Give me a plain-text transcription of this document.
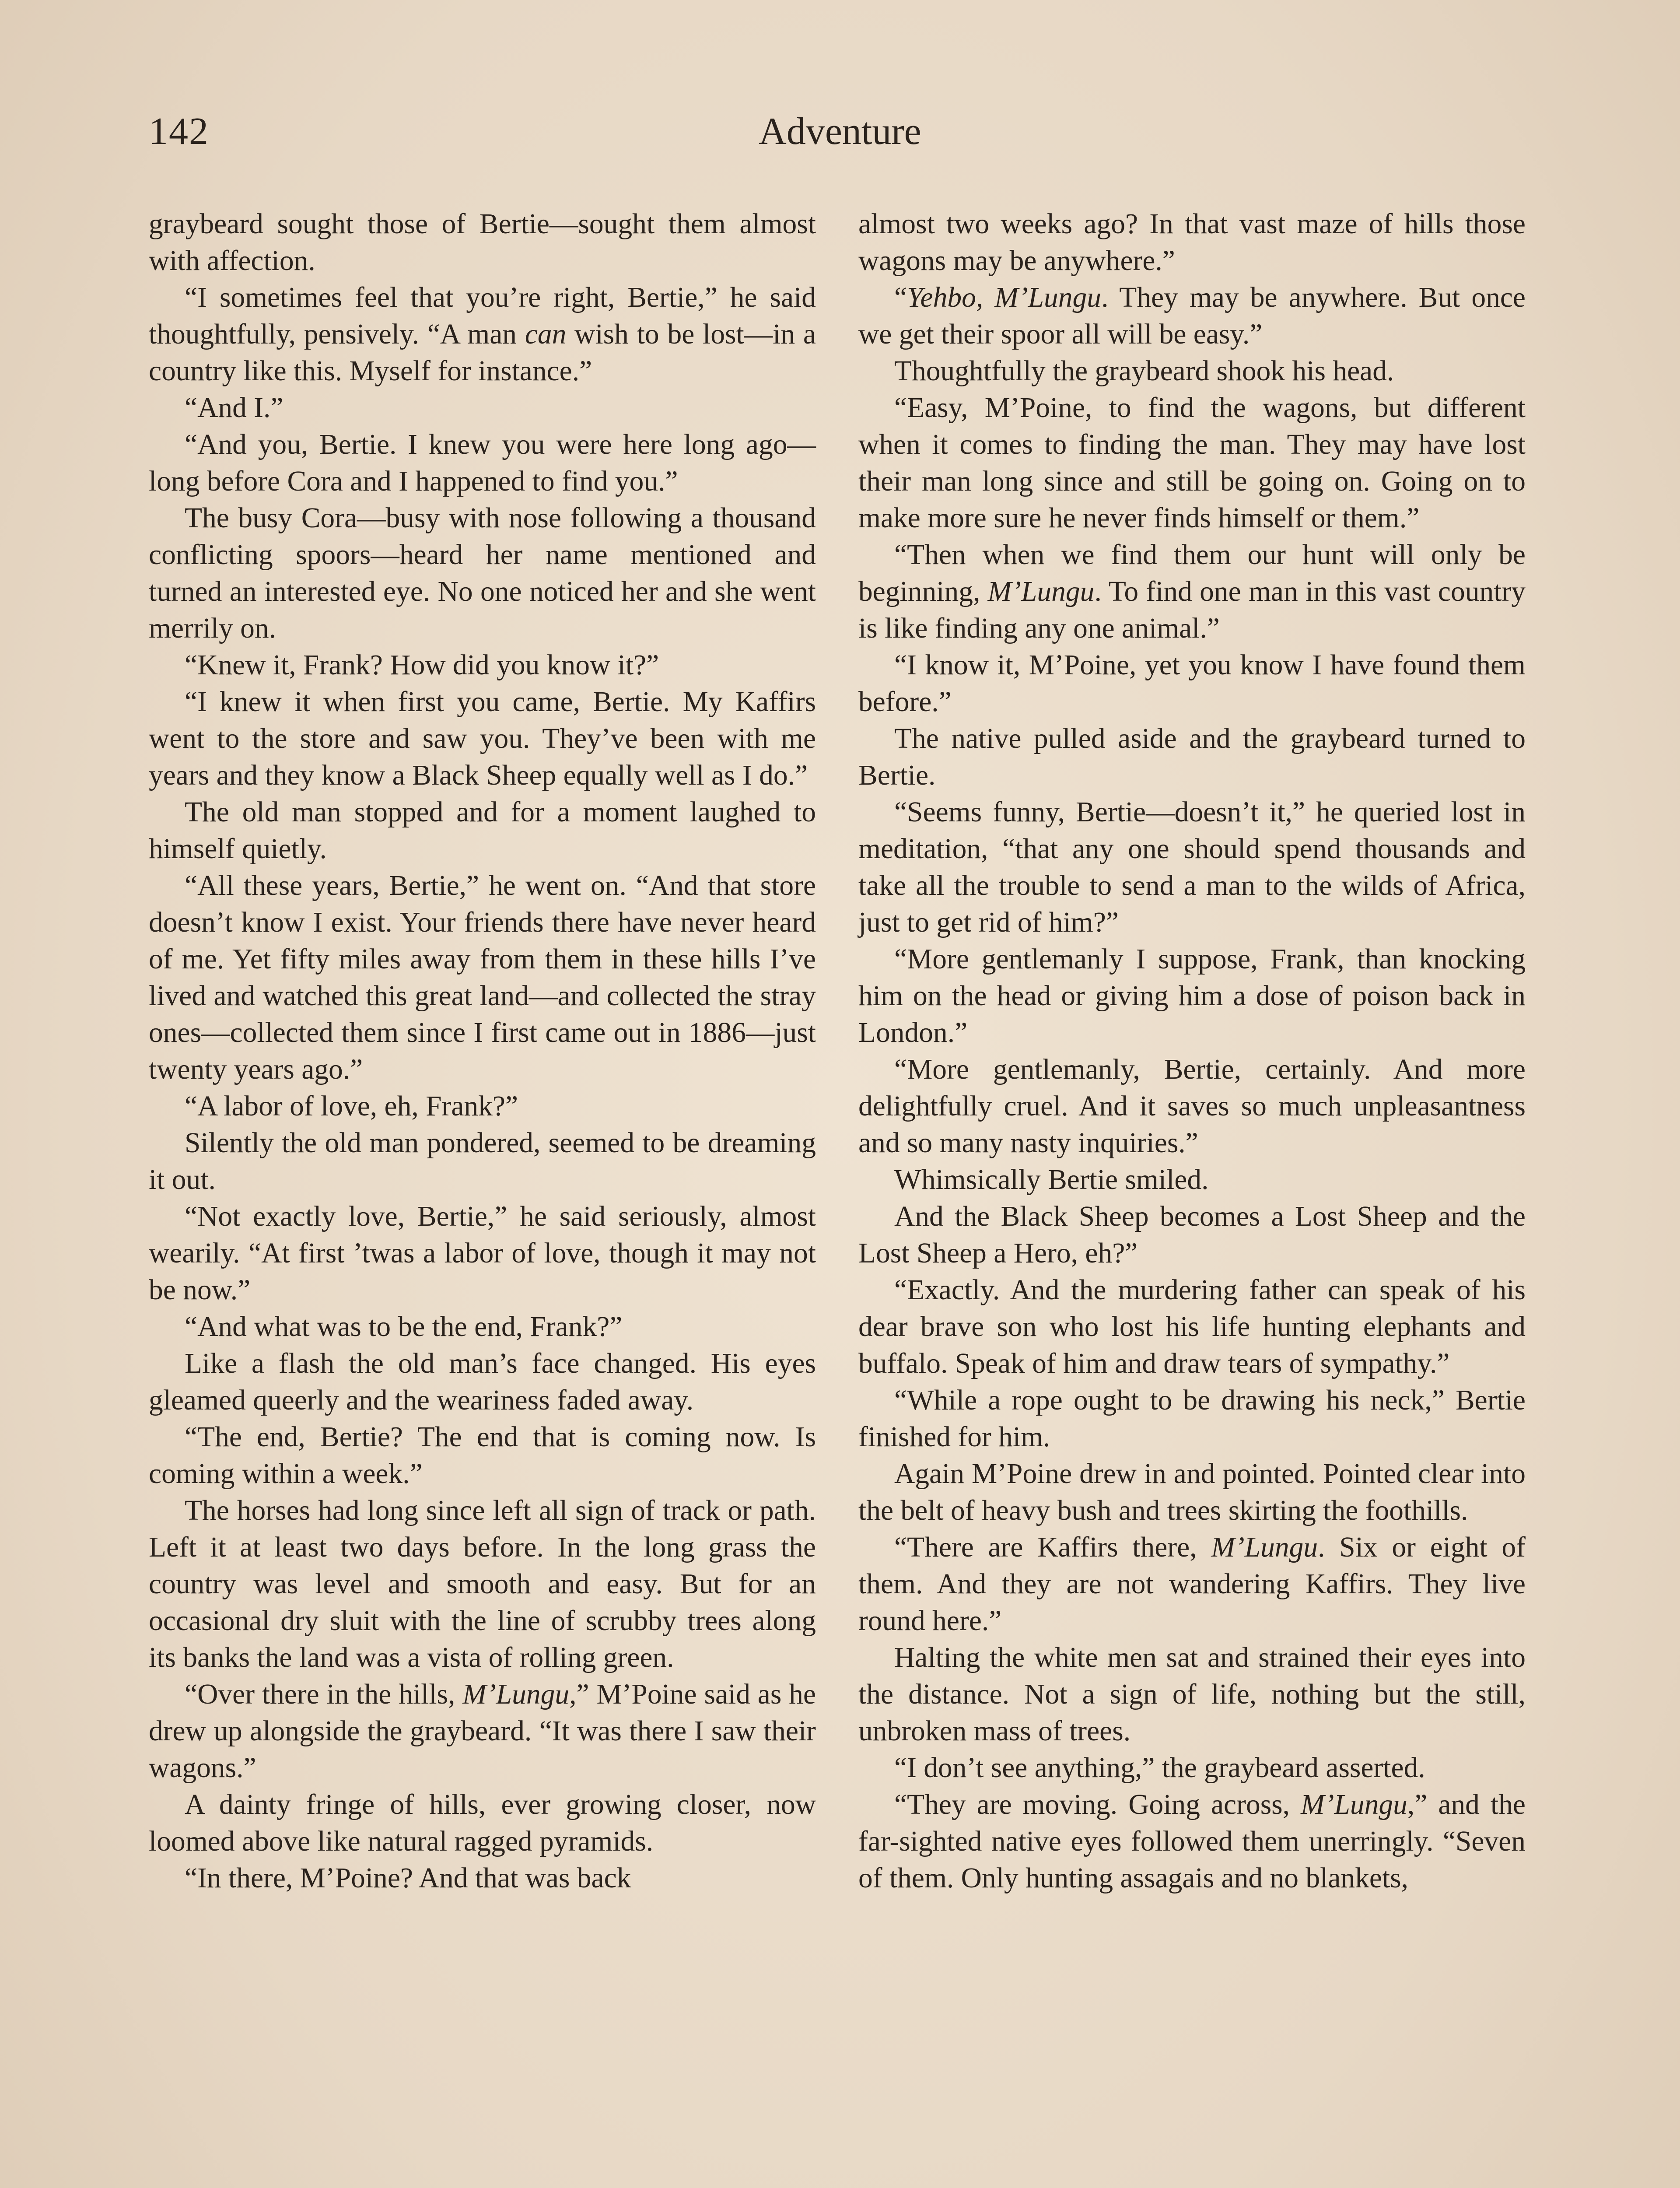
142	Adventure

graybeard sought those of Bertie—sought them almost with affection.

“I sometimes feel that you’re right, Bertie,” he said thoughtfully, pensively. “A man can wish to be lost—in a country like this. Myself for instance.”

“And I.”

“And you, Bertie. I knew you were here long ago—long before Cora and I happened to find you.”

The busy Cora—busy with nose following a thousand conflicting spoors—heard her name mentioned and turned an interested eye. No one noticed her and she went merrily on.

“Knew it, Frank? How did you know it?”

“I knew it when first you came, Bertie. My Kaffirs went to the store and saw you. They’ve been with me years and they know a Black Sheep equally well as I do.”

The old man stopped and for a moment laughed to himself quietly.

“All these years, Bertie,” he went on. “And that store doesn’t know I exist. Your friends there have never heard of me. Yet fifty miles away from them in these hills I’ve lived and watched this great land—and collected the stray ones—collected them since I first came out in 1886—just twenty years ago.”

“A labor of love, eh, Frank?”

Silently the old man pondered, seemed to be dreaming it out.

“Not exactly love, Bertie,” he said seriously, almost wearily. “At first ’twas a labor of love, though it may not be now.”

“And what was to be the end, Frank?”

Like a flash the old man’s face changed. His eyes gleamed queerly and the weariness faded away.

“The end, Bertie? The end that is coming now. Is coming within a week.”

The horses had long since left all sign of track or path. Left it at least two days before. In the long grass the country was level and smooth and easy. But for an occasional dry sluit with the line of scrubby trees along its banks the land was a vista of rolling green.

“Over there in the hills, M’Lungu,” M’Poine said as he drew up alongside the graybeard. “It was there I saw their wagons.”

A dainty fringe of hills, ever growing closer, now loomed above like natural ragged pyramids.

“In there, M’Poine? And that was back

almost two weeks ago? In that vast maze of hills those wagons may be anywhere.”

“Yehbo, M’Lungu. They may be anywhere. But once we get their spoor all will be easy.”

Thoughtfully the graybeard shook his head.

“Easy, M’Poine, to find the wagons, but different when it comes to finding the man. They may have lost their man long since and still be going on. Going on to make more sure he never finds himself or them.”

“Then when we find them our hunt will only be beginning, M’Lungu. To find one man in this vast country is like finding any one animal.”

“I know it, M’Poine, yet you know I have found them before.”

The native pulled aside and the graybeard turned to Bertie.

“Seems funny, Bertie—doesn’t it,” he queried lost in meditation, “that any one should spend thousands and take all the trouble to send a man to the wilds of Africa, just to get rid of him?”

“More gentlemanly I suppose, Frank, than knocking him on the head or giving him a dose of poison back in London.”

“More gentlemanly, Bertie, certainly. And more delightfully cruel. And it saves so much unpleasantness and so many nasty inquiries.”

Whimsically Bertie smiled.

And the Black Sheep becomes a Lost Sheep and the Lost Sheep a Hero, eh?”

“Exactly. And the murdering father can speak of his dear brave son who lost his life hunting elephants and buffalo. Speak of him and draw tears of sympathy.”

“While a rope ought to be drawing his neck,” Bertie finished for him.

Again M’Poine drew in and pointed. Pointed clear into the belt of heavy bush and trees skirting the foothills.

“There are Kaffirs there, M’Lungu. Six or eight of them. And they are not wandering Kaffirs. They live round here.”

Halting the white men sat and strained their eyes into the distance. Not a sign of life, nothing but the still, unbroken mass of trees.

“I don’t see anything,” the graybeard asserted.

“They are moving. Going across, M’Lungu,” and the far-sighted native eyes followed them unerringly. “Seven of them. Only hunting assagais and no blankets,
